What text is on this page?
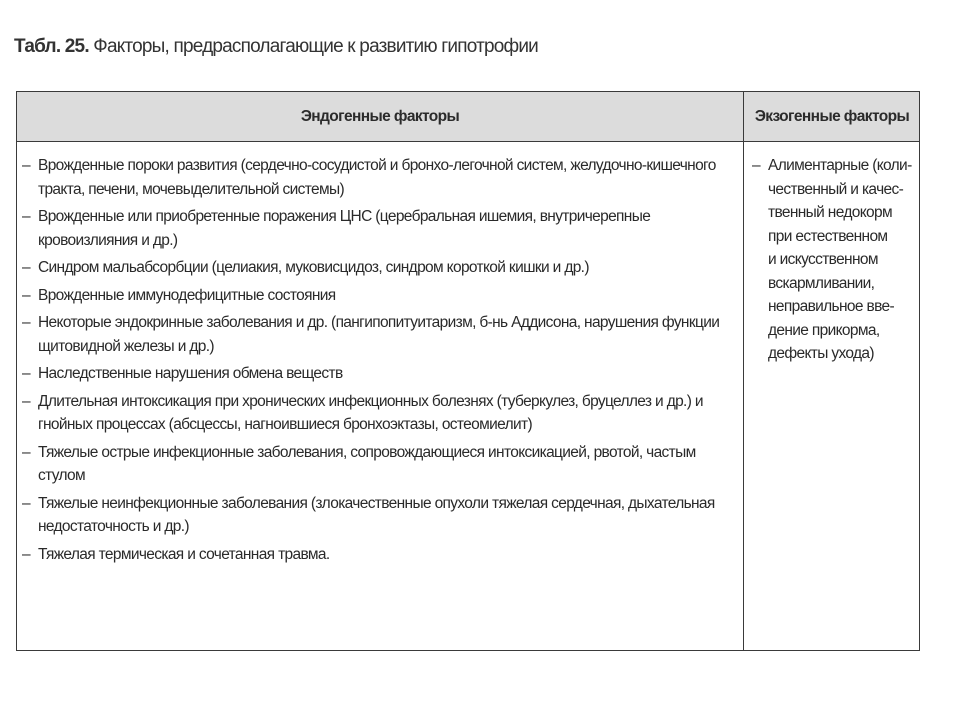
Табл. 25. Факторы, предрасполагающие к развитию гипотрофии
Эндогенные факторы	Экзогенные факторы
– Врожденные пороки развития (сердечно-сосудистой и бронхо-легочной систем, желудочно-кишечного тракта, печени, мочевыделительной системы)
– Врожденные или приобретенные поражения ЦНС (церебральная ишемия, внутричерепные кровоизлияния и др.)
– Синдром мальабсорбции (целиакия, муковисцидоз, синдром короткой кишки и др.)
– Врожденные иммунодефицитные состояния
– Некоторые эндокринные заболевания и др. (пангипопитуитаризм, б-нь Аддисона, нарушения функции щитовидной железы и др.)
– Наследственные нарушения обмена веществ
– Длительная интоксикация при хронических инфекционных болезнях (туберкулез, бруцеллез и др.) и гнойных процессах (абсцессы, нагноившиеся бронхоэктазы, остеомиелит)
– Тяжелые острые инфекционные заболевания, сопровождающиеся интоксикацией, рвотой, частым стулом
– Тяжелые неинфекционные заболевания (злокачественные опухоли тяжелая сердечная, дыхательная недостаточность и др.)
– Тяжелая термическая и сочетанная травма.
– Алиментарные (коли-
чественный и качес-
твенный недокорм
при естественном
и искусственном
вскармливании,
неправильное вве-
дение прикорма,
дефекты ухода)
